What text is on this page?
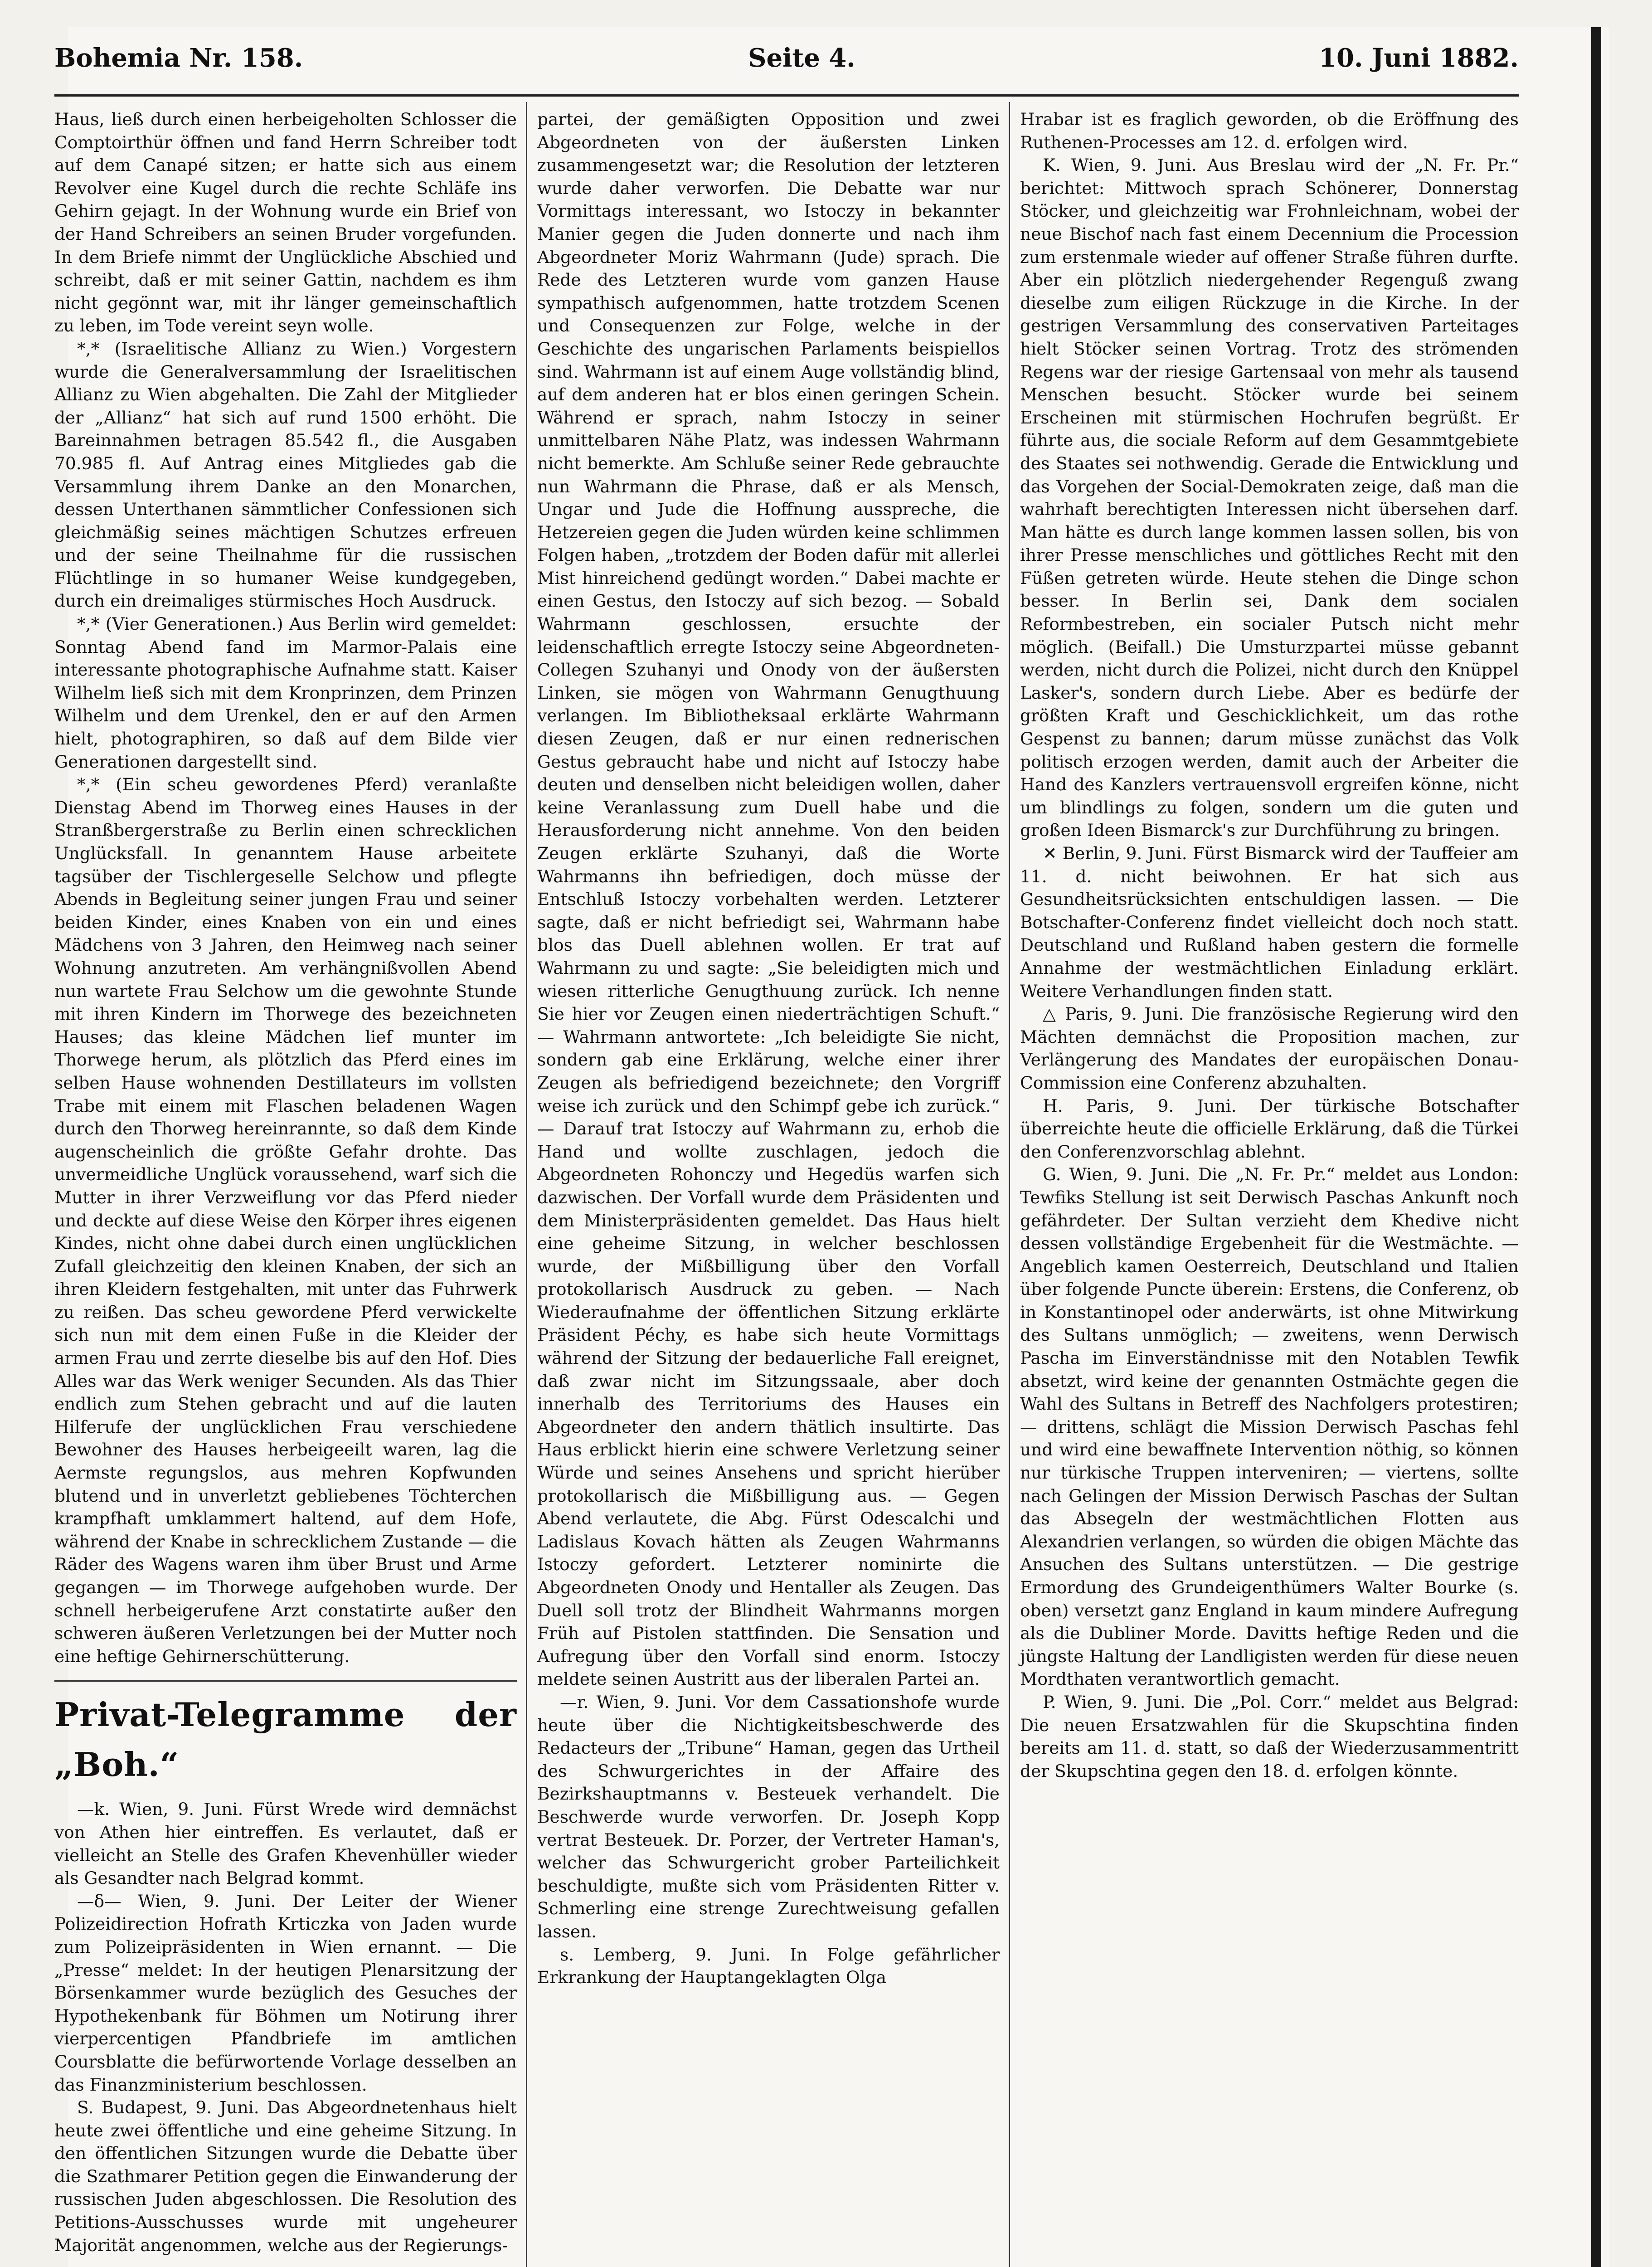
Bohemia Nr. 158.	Seite 4.	10. Juni 1882.

Haus, ließ durch einen herbeigeholten Schlosser die Comptoirthür öffnen und fand Herrn Schreiber todt auf dem Canapé sitzen; er hatte sich aus einem Revolver eine Kugel durch die rechte Schläfe ins Gehirn gejagt. In der Wohnung wurde ein Brief von der Hand Schreibers an seinen Bruder vorgefunden. In dem Briefe nimmt der Unglückliche Abschied und schreibt, daß er mit seiner Gattin, nachdem es ihm nicht gegönnt war, mit ihr länger gemeinschaftlich zu leben, im Tode vereint seyn wolle.

*,* (Israelitische Allianz zu Wien.) Vorgestern wurde die Generalversammlung der Israelitischen Allianz zu Wien abgehalten. Die Zahl der Mitglieder der „Allianz“ hat sich auf rund 1500 erhöht. Die Bareinnahmen betragen 85.542 fl., die Ausgaben 70.985 fl. Auf Antrag eines Mitgliedes gab die Versammlung ihrem Danke an den Monarchen, dessen Unterthanen sämmtlicher Confessionen sich gleichmäßig seines mächtigen Schutzes erfreuen und der seine Theilnahme für die russischen Flüchtlinge in so humaner Weise kundgegeben, durch ein dreimaliges stürmisches Hoch Ausdruck.

*,* (Vier Generationen.) Aus Berlin wird gemeldet: Sonntag Abend fand im Marmor-Palais eine interessante photographische Aufnahme statt. Kaiser Wilhelm ließ sich mit dem Kronprinzen, dem Prinzen Wilhelm und dem Urenkel, den er auf den Armen hielt, photographiren, so daß auf dem Bilde vier Generationen dargestellt sind.

*,* (Ein scheu gewordenes Pferd) veranlaßte Dienstag Abend im Thorweg eines Hauses in der Stranßbergerstraße zu Berlin einen schrecklichen Unglücksfall. In genanntem Hause arbeitete tagsüber der Tischlergeselle Selchow und pflegte Abends in Begleitung seiner jungen Frau und seiner beiden Kinder, eines Knaben von ein und eines Mädchens von 3 Jahren, den Heimweg nach seiner Wohnung anzutreten. Am verhängnißvollen Abend nun wartete Frau Selchow um die gewohnte Stunde mit ihren Kindern im Thorwege des bezeichneten Hauses; das kleine Mädchen lief munter im Thorwege herum, als plötzlich das Pferd eines im selben Hause wohnenden Destillateurs im vollsten Trabe mit einem mit Flaschen beladenen Wagen durch den Thorweg hereinrannte, so daß dem Kinde augenscheinlich die größte Gefahr drohte. Das unvermeidliche Unglück voraussehend, warf sich die Mutter in ihrer Verzweiflung vor das Pferd nieder und deckte auf diese Weise den Körper ihres eigenen Kindes, nicht ohne dabei durch einen unglücklichen Zufall gleichzeitig den kleinen Knaben, der sich an ihren Kleidern festgehalten, mit unter das Fuhrwerk zu reißen. Das scheu gewordene Pferd verwickelte sich nun mit dem einen Fuße in die Kleider der armen Frau und zerrte dieselbe bis auf den Hof. Dies Alles war das Werk weniger Secunden. Als das Thier endlich zum Stehen gebracht und auf die lauten Hilferufe der unglücklichen Frau verschiedene Bewohner des Hauses herbeigeeilt waren, lag die Aermste regungslos, aus mehren Kopfwunden blutend und in unverletzt gebliebenes Töchterchen krampfhaft umklammert haltend, auf dem Hofe, während der Knabe in schrecklichem Zustande — die Räder des Wagens waren ihm über Brust und Arme gegangen — im Thorwege aufgehoben wurde. Der schnell herbeigerufene Arzt constatirte außer den schweren äußeren Verletzungen bei der Mutter noch eine heftige Gehirnerschütterung.

Privat-Telegramme der „Boh.“

—k. Wien, 9. Juni. Fürst Wrede wird demnächst von Athen hier eintreffen. Es verlautet, daß er vielleicht an Stelle des Grafen Khevenhüller wieder als Gesandter nach Belgrad kommt.

—δ— Wien, 9. Juni. Der Leiter der Wiener Polizeidirection Hofrath Krticzka von Jaden wurde zum Polizeipräsidenten in Wien ernannt. — Die „Presse“ meldet: In der heutigen Plenarsitzung der Börsenkammer wurde bezüglich des Gesuches der Hypothekenbank für Böhmen um Notirung ihrer vierpercentigen Pfandbriefe im amtlichen Coursblatte die befürwortende Vorlage desselben an das Finanzministerium beschlossen.

S. Budapest, 9. Juni. Das Abgeordnetenhaus hielt heute zwei öffentliche und eine geheime Sitzung. In den öffentlichen Sitzungen wurde die Debatte über die Szathmarer Petition gegen die Einwanderung der russischen Juden abgeschlossen. Die Resolution des Petitions-Ausschusses wurde mit ungeheurer Majorität angenommen, welche aus der Regierungs-

partei, der gemäßigten Opposition und zwei Abgeordneten von der äußersten Linken zusammengesetzt war; die Resolution der letzteren wurde daher verworfen. Die Debatte war nur Vormittags interessant, wo Istoczy in bekannter Manier gegen die Juden donnerte und nach ihm Abgeordneter Moriz Wahrmann (Jude) sprach. Die Rede des Letzteren wurde vom ganzen Hause sympathisch aufgenommen, hatte trotzdem Scenen und Consequenzen zur Folge, welche in der Geschichte des ungarischen Parlaments beispiellos sind. Wahrmann ist auf einem Auge vollständig blind, auf dem anderen hat er blos einen geringen Schein. Während er sprach, nahm Istoczy in seiner unmittelbaren Nähe Platz, was indessen Wahrmann nicht bemerkte. Am Schluße seiner Rede gebrauchte nun Wahrmann die Phrase, daß er als Mensch, Ungar und Jude die Hoffnung ausspreche, die Hetzereien gegen die Juden würden keine schlimmen Folgen haben, „trotzdem der Boden dafür mit allerlei Mist hinreichend gedüngt worden.“ Dabei machte er einen Gestus, den Istoczy auf sich bezog. — Sobald Wahrmann geschlossen, ersuchte der leidenschaftlich erregte Istoczy seine Abgeordneten-Collegen Szuhanyi und Onody von der äußersten Linken, sie mögen von Wahrmann Genugthuung verlangen. Im Bibliotheksaal erklärte Wahrmann diesen Zeugen, daß er nur einen rednerischen Gestus gebraucht habe und nicht auf Istoczy habe deuten und denselben nicht beleidigen wollen, daher keine Veranlassung zum Duell habe und die Herausforderung nicht annehme. Von den beiden Zeugen erklärte Szuhanyi, daß die Worte Wahrmanns ihn befriedigen, doch müsse der Entschluß Istoczy vorbehalten werden. Letzterer sagte, daß er nicht befriedigt sei, Wahrmann habe blos das Duell ablehnen wollen. Er trat auf Wahrmann zu und sagte: „Sie beleidigten mich und wiesen ritterliche Genugthuung zurück. Ich nenne Sie hier vor Zeugen einen niederträchtigen Schuft.“ — Wahrmann antwortete: „Ich beleidigte Sie nicht, sondern gab eine Erklärung, welche einer ihrer Zeugen als befriedigend bezeichnete; den Vorgriff weise ich zurück und den Schimpf gebe ich zurück.“ — Darauf trat Istoczy auf Wahrmann zu, erhob die Hand und wollte zuschlagen, jedoch die Abgeordneten Rohonczy und Hegedüs warfen sich dazwischen. Der Vorfall wurde dem Präsidenten und dem Ministerpräsidenten gemeldet. Das Haus hielt eine geheime Sitzung, in welcher beschlossen wurde, der Mißbilligung über den Vorfall protokollarisch Ausdruck zu geben. — Nach Wiederaufnahme der öffentlichen Sitzung erklärte Präsident Péchy, es habe sich heute Vormittags während der Sitzung der bedauerliche Fall ereignet, daß zwar nicht im Sitzungssaale, aber doch innerhalb des Territoriums des Hauses ein Abgeordneter den andern thätlich insultirte. Das Haus erblickt hierin eine schwere Verletzung seiner Würde und seines Ansehens und spricht hierüber protokollarisch die Mißbilligung aus. — Gegen Abend verlautete, die Abg. Fürst Odescalchi und Ladislaus Kovach hätten als Zeugen Wahrmanns Istoczy gefordert. Letzterer nominirte die Abgeordneten Onody und Hentaller als Zeugen. Das Duell soll trotz der Blindheit Wahrmanns morgen Früh auf Pistolen stattfinden. Die Sensation und Aufregung über den Vorfall sind enorm. Istoczy meldete seinen Austritt aus der liberalen Partei an.

—r. Wien, 9. Juni. Vor dem Cassationshofe wurde heute über die Nichtigkeitsbeschwerde des Redacteurs der „Tribune“ Haman, gegen das Urtheil des Schwurgerichtes in der Affaire des Bezirkshauptmanns v. Besteuek verhandelt. Die Beschwerde wurde verworfen. Dr. Joseph Kopp vertrat Besteuek. Dr. Porzer, der Vertreter Haman's, welcher das Schwurgericht grober Parteilichkeit beschuldigte, mußte sich vom Präsidenten Ritter v. Schmerling eine strenge Zurechtweisung gefallen lassen.

s. Lemberg, 9. Juni. In Folge gefährlicher Erkrankung der Hauptangeklagten Olga

Hrabar ist es fraglich geworden, ob die Eröffnung des Ruthenen-Processes am 12. d. erfolgen wird.

K. Wien, 9. Juni. Aus Breslau wird der „N. Fr. Pr.“ berichtet: Mittwoch sprach Schönerer, Donnerstag Stöcker, und gleichzeitig war Frohnleichnam, wobei der neue Bischof nach fast einem Decennium die Procession zum erstenmale wieder auf offener Straße führen durfte. Aber ein plötzlich niedergehender Regenguß zwang dieselbe zum eiligen Rückzuge in die Kirche. In der gestrigen Versammlung des conservativen Parteitages hielt Stöcker seinen Vortrag. Trotz des strömenden Regens war der riesige Gartensaal von mehr als tausend Menschen besucht. Stöcker wurde bei seinem Erscheinen mit stürmischen Hochrufen begrüßt. Er führte aus, die sociale Reform auf dem Gesammtgebiete des Staates sei nothwendig. Gerade die Entwicklung und das Vorgehen der Social-Demokraten zeige, daß man die wahrhaft berechtigten Interessen nicht übersehen darf. Man hätte es durch lange kommen lassen sollen, bis von ihrer Presse menschliches und göttliches Recht mit den Füßen getreten würde. Heute stehen die Dinge schon besser. In Berlin sei, Dank dem socialen Reformbestreben, ein socialer Putsch nicht mehr möglich. (Beifall.) Die Umsturzpartei müsse gebannt werden, nicht durch die Polizei, nicht durch den Knüppel Lasker's, sondern durch Liebe. Aber es bedürfe der größten Kraft und Geschicklichkeit, um das rothe Gespenst zu bannen; darum müsse zunächst das Volk politisch erzogen werden, damit auch der Arbeiter die Hand des Kanzlers vertrauensvoll ergreifen könne, nicht um blindlings zu folgen, sondern um die guten und großen Ideen Bismarck's zur Durchführung zu bringen.

✕ Berlin, 9. Juni. Fürst Bismarck wird der Tauffeier am 11. d. nicht beiwohnen. Er hat sich aus Gesundheitsrücksichten entschuldigen lassen. — Die Botschafter-Conferenz findet vielleicht doch noch statt. Deutschland und Rußland haben gestern die formelle Annahme der westmächtlichen Einladung erklärt. Weitere Verhandlungen finden statt.

△ Paris, 9. Juni. Die französische Regierung wird den Mächten demnächst die Proposition machen, zur Verlängerung des Mandates der europäischen Donau-Commission eine Conferenz abzuhalten.

H. Paris, 9. Juni. Der türkische Botschafter überreichte heute die officielle Erklärung, daß die Türkei den Conferenzvorschlag ablehnt.

G. Wien, 9. Juni. Die „N. Fr. Pr.“ meldet aus London: Tewfiks Stellung ist seit Derwisch Paschas Ankunft noch gefährdeter. Der Sultan verzieht dem Khedive nicht dessen vollständige Ergebenheit für die Westmächte. — Angeblich kamen Oesterreich, Deutschland und Italien über folgende Puncte überein: Erstens, die Conferenz, ob in Konstantinopel oder anderwärts, ist ohne Mitwirkung des Sultans unmöglich; — zweitens, wenn Derwisch Pascha im Einverständnisse mit den Notablen Tewfik absetzt, wird keine der genannten Ostmächte gegen die Wahl des Sultans in Betreff des Nachfolgers protestiren; — drittens, schlägt die Mission Derwisch Paschas fehl und wird eine bewaffnete Intervention nöthig, so können nur türkische Truppen interveniren; — viertens, sollte nach Gelingen der Mission Derwisch Paschas der Sultan das Absegeln der westmächtlichen Flotten aus Alexandrien verlangen, so würden die obigen Mächte das Ansuchen des Sultans unterstützen. — Die gestrige Ermordung des Grundeigenthümers Walter Bourke (s. oben) versetzt ganz England in kaum mindere Aufregung als die Dubliner Morde. Davitts heftige Reden und die jüngste Haltung der Landligisten werden für diese neuen Mordthaten verantwortlich gemacht.

P. Wien, 9. Juni. Die „Pol. Corr.“ meldet aus Belgrad: Die neuen Ersatzwahlen für die Skupschtina finden bereits am 11. d. statt, so daß der Wiederzusammentritt der Skupschtina gegen den 18. d. erfolgen könnte.
